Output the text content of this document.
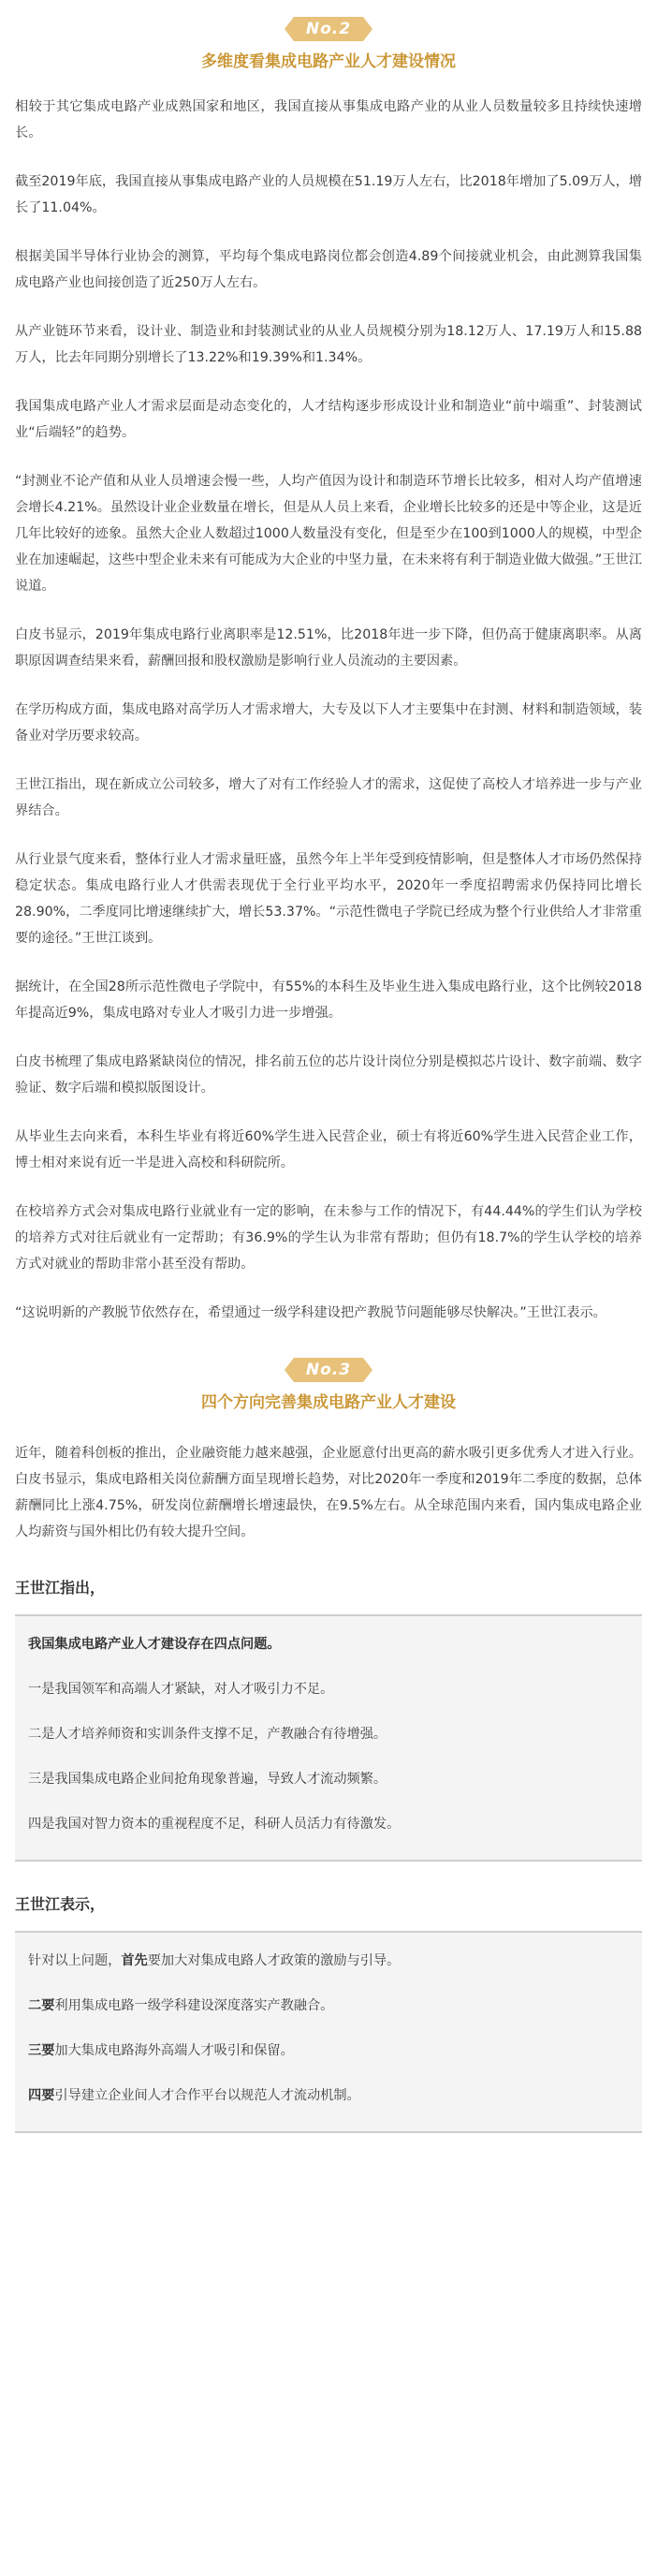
No.2
多维度看集成电路产业人才建设情况

相较于其它集成电路产业成熟国家和地区，我国直接从事集成电路产业的从业人员数量较多且持续快速增长。

截至2019年底，我国直接从事集成电路产业的人员规模在51.19万人左右，比2018年增加了5.09万人，增长了11.04%。

根据美国半导体行业协会的测算，平均每个集成电路岗位都会创造4.89个间接就业机会，由此测算我国集成电路产业也间接创造了近250万人左右。

从产业链环节来看，设计业、制造业和封装测试业的从业人员规模分别为18.12万人、17.19万人和15.88万人，比去年同期分别增长了13.22%和19.39%和1.34%。

我国集成电路产业人才需求层面是动态变化的，人才结构逐步形成设计业和制造业“前中端重”、封装测试业“后端轻”的趋势。

“封测业不论产值和从业人员增速会慢一些，人均产值因为设计和制造环节增长比较多，相对人均产值增速会增长4.21%。虽然设计业企业数量在增长，但是从人员上来看，企业增长比较多的还是中等企业，这是近几年比较好的迹象。虽然大企业人数超过1000人数量没有变化，但是至少在100到1000人的规模，中型企业在加速崛起，这些中型企业未来有可能成为大企业的中坚力量，在未来将有利于制造业做大做强。”王世江说道。

白皮书显示，2019年集成电路行业离职率是12.51%，比2018年进一步下降，但仍高于健康离职率。从离职原因调查结果来看，薪酬回报和股权激励是影响行业人员流动的主要因素。

在学历构成方面，集成电路对高学历人才需求增大，大专及以下人才主要集中在封测、材料和制造领域，装备业对学历要求较高。

王世江指出，现在新成立公司较多，增大了对有工作经验人才的需求，这促使了高校人才培养进一步与产业界结合。

从行业景气度来看，整体行业人才需求量旺盛，虽然今年上半年受到疫情影响，但是整体人才市场仍然保持稳定状态。集成电路行业人才供需表现优于全行业平均水平，2020年一季度招聘需求仍保持同比增长28.90%，二季度同比增速继续扩大，增长53.37%。“示范性微电子学院已经成为整个行业供给人才非常重要的途径。”王世江谈到。

据统计，在全国28所示范性微电子学院中，有55%的本科生及毕业生进入集成电路行业，这个比例较2018年提高近9%，集成电路对专业人才吸引力进一步增强。

白皮书梳理了集成电路紧缺岗位的情况，排名前五位的芯片设计岗位分别是模拟芯片设计、数字前端、数字验证、数字后端和模拟版图设计。

从毕业生去向来看，本科生毕业有将近60%学生进入民营企业，硕士有将近60%学生进入民营企业工作，博士相对来说有近一半是进入高校和科研院所。

在校培养方式会对集成电路行业就业有一定的影响，在未参与工作的情况下，有44.44%的学生们认为学校的培养方式对往后就业有一定帮助；有36.9%的学生认为非常有帮助；但仍有18.7%的学生认学校的培养方式对就业的帮助非常小甚至没有帮助。

“这说明新的产教脱节依然存在，希望通过一级学科建设把产教脱节问题能够尽快解决。”王世江表示。

No.3
四个方向完善集成电路产业人才建设

近年，随着科创板的推出，企业融资能力越来越强，企业愿意付出更高的薪水吸引更多优秀人才进入行业。白皮书显示，集成电路相关岗位薪酬方面呈现增长趋势，对比2020年一季度和2019年二季度的数据，总体薪酬同比上涨4.75%，研发岗位薪酬增长增速最快，在9.5%左右。从全球范围内来看，国内集成电路企业人均薪资与国外相比仍有较大提升空间。

王世江指出，
我国集成电路产业人才建设存在四点问题。
一是我国领军和高端人才紧缺，对人才吸引力不足。
二是人才培养师资和实训条件支撑不足，产教融合有待增强。
三是我国集成电路企业间抢角现象普遍，导致人才流动频繁。
四是我国对智力资本的重视程度不足，科研人员活力有待激发。
王世江表示，
针对以上问题，首先要加大对集成电路人才政策的激励与引导。
二要利用集成电路一级学科建设深度落实产教融合。
三要加大集成电路海外高端人才吸引和保留。
四要引导建立企业间人才合作平台以规范人才流动机制。
